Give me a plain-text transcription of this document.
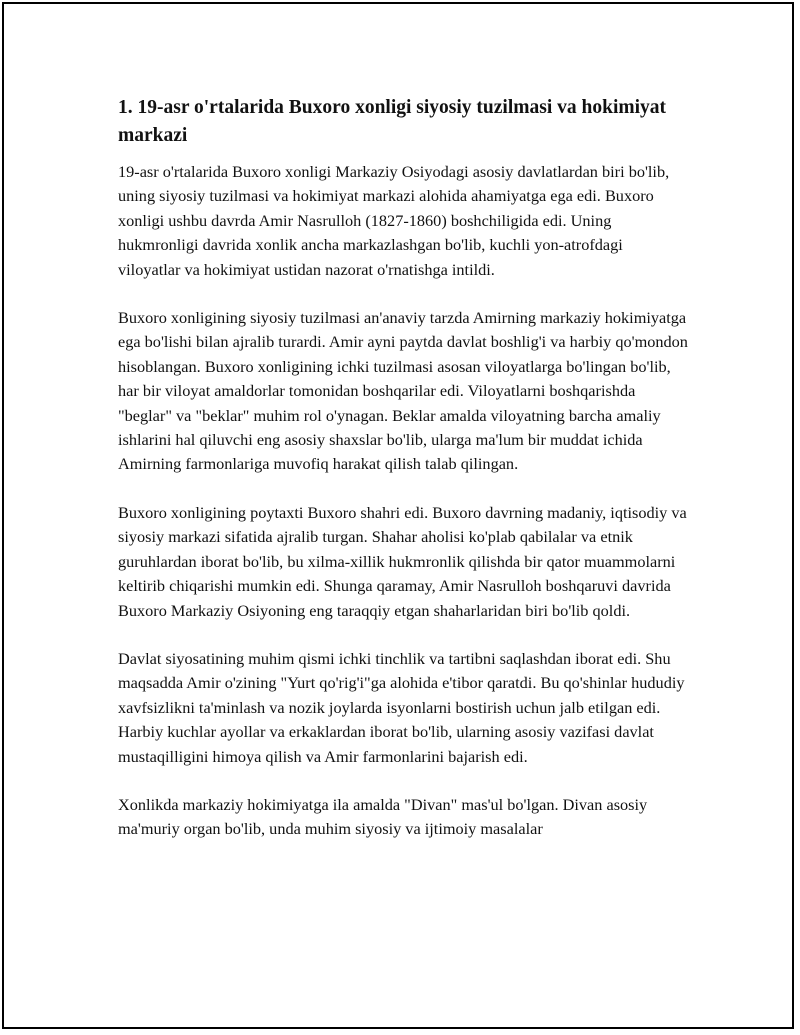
1. 19-asr o'rtalarida Buxoro xonligi siyosiy tuzilmasi va hokimiyat markazi

19-asr o'rtalarida Buxoro xonligi Markaziy Osiyodagi asosiy davlatlardan biri bo'lib, uning siyosiy tuzilmasi va hokimiyat markazi alohida ahamiyatga ega edi. Buxoro xonligi ushbu davrda Amir Nasrulloh (1827-1860) boshchiligida edi. Uning hukmronligi davrida xonlik ancha markazlashgan bo'lib, kuchli yon-atrofdagi viloyatlar va hokimiyat ustidan nazorat o'rnatishga intildi.

Buxoro xonligining siyosiy tuzilmasi an'anaviy tarzda Amirning markaziy hokimiyatga ega bo'lishi bilan ajralib turardi. Amir ayni paytda davlat boshlig'i va harbiy qo'mondon hisoblangan. Buxoro xonligining ichki tuzilmasi asosan viloyatlarga bo'lingan bo'lib, har bir viloyat amaldorlar tomonidan boshqarilar edi. Viloyatlarni boshqarishda "beglar" va "beklar" muhim rol o'ynagan. Beklar amalda viloyatning barcha amaliy ishlarini hal qiluvchi eng asosiy shaxslar bo'lib, ularga ma'lum bir muddat ichida Amirning farmonlariga muvofiq harakat qilish talab qilingan.

Buxoro xonligining poytaxti Buxoro shahri edi. Buxoro davrning madaniy, iqtisodiy va siyosiy markazi sifatida ajralib turgan. Shahar aholisi ko'plab qabilalar va etnik guruhlardan iborat bo'lib, bu xilma-xillik hukmronlik qilishda bir qator muammolarni keltirib chiqarishi mumkin edi. Shunga qaramay, Amir Nasrulloh boshqaruvi davrida Buxoro Markaziy Osiyoning eng taraqqiy etgan shaharlaridan biri bo'lib qoldi.

Davlat siyosatining muhim qismi ichki tinchlik va tartibni saqlashdan iborat edi. Shu maqsadda Amir o'zining "Yurt qo'rig'i"ga alohida e'tibor qaratdi. Bu qo'shinlar hududiy xavfsizlikni ta'minlash va nozik joylarda isyonlarni bostirish uchun jalb etilgan edi. Harbiy kuchlar ayollar va erkaklardan iborat bo'lib, ularning asosiy vazifasi davlat mustaqilligini himoya qilish va Amir farmonlarini bajarish edi.

Xonlikda markaziy hokimiyatga ila amalda "Divan" mas'ul bo'lgan. Divan asosiy ma'muriy organ bo'lib, unda muhim siyosiy va ijtimoiy masalalar
